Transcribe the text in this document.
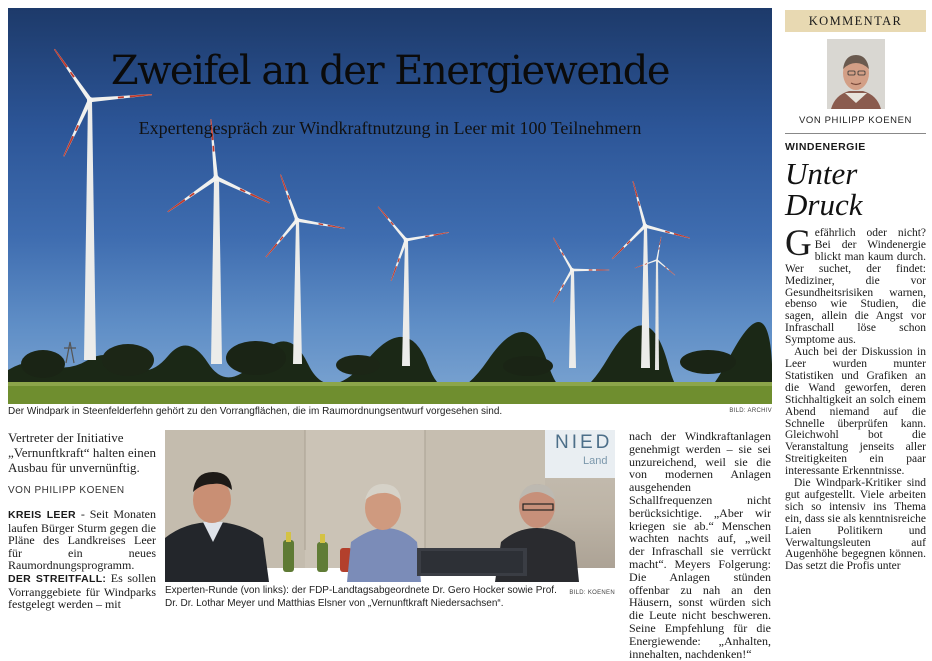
Zweifel an der Energiewende
Expertengespräch zur Windkraftnutzung in Leer mit 100 Teilnehmern
Der Windpark in Steenfelderfehn gehört zu den Vorrangflächen, die im Raumordnungsentwurf vorgesehen sind.	BILD: ARCHIV
Vertreter der Initiative „Vernunftkraft“ halten einen Ausbau für unvernünftig.
VON PHILIPP KOENEN

KREIS LEER - Seit Monaten laufen Bürger Sturm gegen die Pläne des Landkreises Leer für ein neues Raumordnungsprogramm.

DER STREITFALL: Es sollen Vorranggebiete für Windparks festgelegt werden – mit

NIED
Land
Experten-Runde (von links): der FDP-Landtagsabgeordnete Dr. Gero Hocker sowie Prof. Dr. Dr. Lothar Meyer und Matthias Elsner von „Vernunftkraft Niedersachsen“.
BILD: KOENEN

nach der Windkraftanlagen genehmigt werden – sie sei unzureichend, weil sie die von modernen Anlagen ausgehenden Schallfrequenzen nicht berücksichtige. „Aber wir kriegen sie ab.“ Menschen wachten nachts auf, „weil der Infraschall sie verrückt macht“. Meyers Folgerung: Die Anlagen stünden offenbar zu nah an den Häusern, sonst würden sich die Leute nicht beschweren. Seine Empfehlung für die Energiewende: „Anhalten, innehalten, nachdenken!“

KOMMENTAR
VON PHILIPP KOENEN
WINDENERGIE
Unter
Druck

Gefährlich oder nicht? Bei der Windenergie blickt man kaum durch. Wer suchet, der findet: Mediziner, die vor Gesundheitsrisiken warnen, ebenso wie Studien, die sagen, allein die Angst vor Infraschall löse schon Symptome aus.

Auch bei der Diskussion in Leer wurden munter Statistiken und Grafiken an die Wand geworfen, deren Stichhaltigkeit an solch einem Abend niemand auf die Schnelle überprüfen kann. Gleichwohl bot die Veranstaltung jenseits aller Streitigkeiten ein paar interessante Erkenntnisse.

Die Windpark-Kritiker sind gut aufgestellt. Viele arbeiten sich so intensiv ins Thema ein, dass sie als kenntnisreiche Laien Politikern und Verwaltungsleuten auf Augenhöhe begegnen können. Das setzt die Profis unter
